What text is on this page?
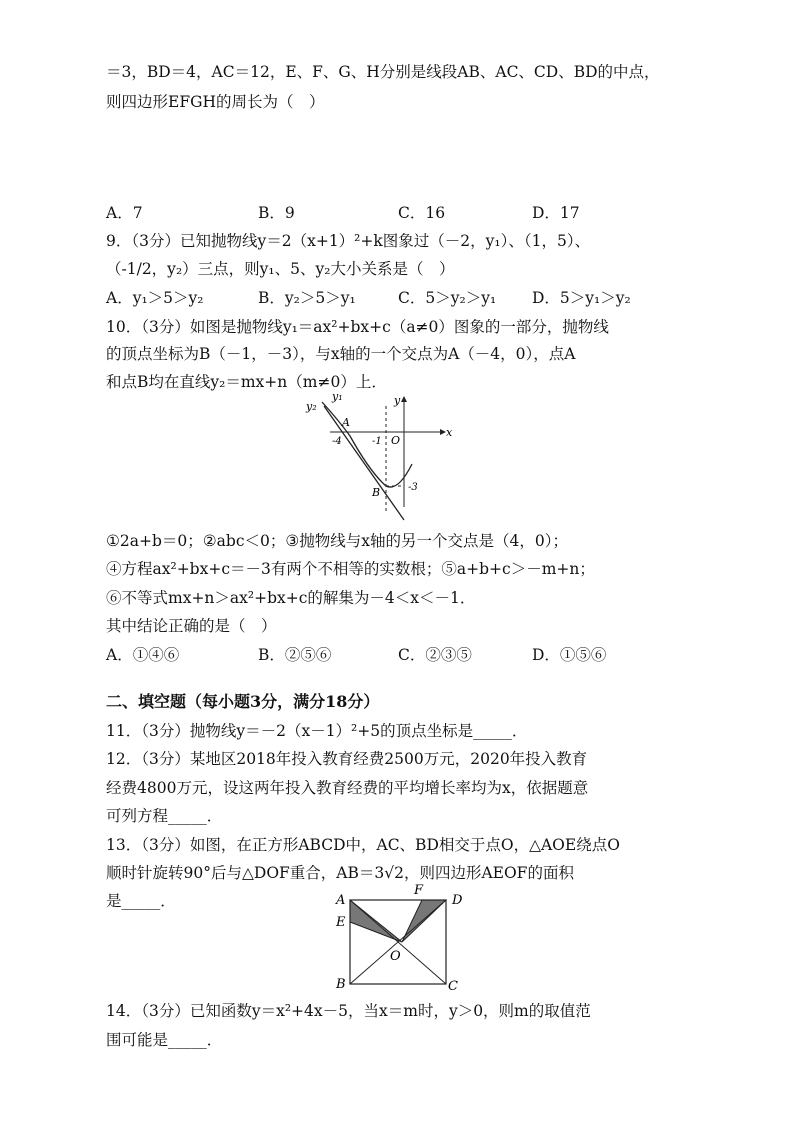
＝3，BD＝4，AC＝12，E、F、G、H分别是线段AB、AC、CD、BD的中点，
则四边形EFGH的周长为（　）
A．7	B．9	C．16	D．17
9．（3分）已知抛物线y＝2（x+1）²+k图象过（－2，y₁）、（1，5）、
（-1/2，y₂）三点，则y₁、5、y₂大小关系是（　）
A．y₁＞5＞y₂	B．y₂＞5＞y₁	C．5＞y₂＞y₁ D．5＞y₁＞y₂
10．（3分）如图是抛物线y₁＝ax²+bx+c（a≠0）图象的一部分，抛物线
的顶点坐标为B（－1，－3），与x轴的一个交点为A（－4，0），点A
和点B均在直线y₂＝mx+n（m≠0）上．
y₂
y₁	y
x
A
-4	-1 O
B	-3
①2a+b＝0；②abc＜0；③抛物线与x轴的另一个交点是（4，0）；
④方程ax²+bx+c＝－3有两个不相等的实数根；⑤a+b+c＞－m+n；
⑥不等式mx+n＞ax²+bx+c的解集为－4＜x＜－1．
其中结论正确的是（　）
A．①④⑥	B．②⑤⑥	C．②③⑤	D．①⑤⑥
二、填空题（每小题3分，满分18分）
11．（3分）抛物线y＝－2（x－1）²+5的顶点坐标是_____．
12．（3分）某地区2018年投入教育经费2500万元，2020年投入教育
经费4800万元，设这两年投入教育经费的平均增长率均为x，依据题意
可列方程_____．
13．（3分）如图，在正方形ABCD中，AC、BD相交于点O，△AOE绕点O
顺时针旋转90°后与△DOF重合，AB＝3√2，则四边形AEOF的面积
是_____．	A
E
B
F
D
O
C
14．（3分）已知函数y＝x²+4x－5，当x＝m时，y＞0，则m的取值范
围可能是_____．
